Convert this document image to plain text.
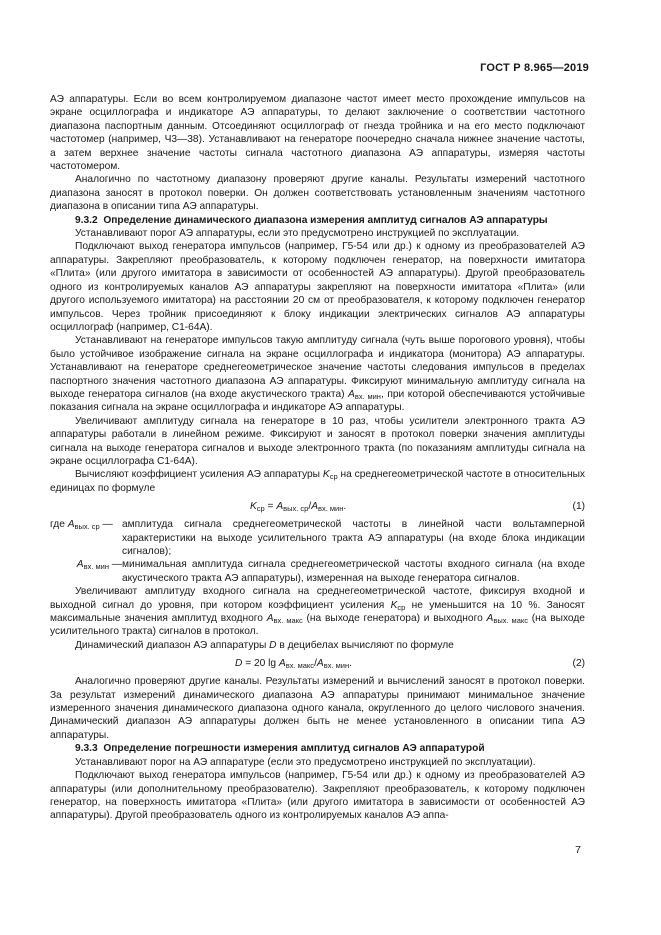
ГОСТ Р 8.965—2019

АЭ аппаратуры. Если во всем контролируемом диапазоне частот имеет место прохождение импульсов на экране осциллографа и индикаторе АЭ аппаратуры, то делают заключение о соответствии частотного диапазона паспортным данным. Отсоединяют осциллограф от гнезда тройника и на его место подключают частотомер (например, Ч3—38). Устанавливают на генераторе поочередно сначала нижнее значение частоты, а затем верхнее значение частоты сигнала частотного диапазона АЭ аппаратуры, измеряя частоты частотомером.

Аналогично по частотному диапазону проверяют другие каналы. Результаты измерений частотного диапазона заносят в протокол поверки. Он должен соответствовать установленным значениям частотного диапазона в описании типа АЭ аппаратуры.

9.3.2 Определение динамического диапазона измерения амплитуд сигналов АЭ аппаратуры

Устанавливают порог АЭ аппаратуры, если это предусмотрено инструкцией по эксплуатации.

Подключают выход генератора импульсов (например, Г5-54 или др.) к одному из преобразователей АЭ аппаратуры. Закрепляют преобразователь, к которому подключен генератор, на поверхности имитатора «Плита» (или другого имитатора в зависимости от особенностей АЭ аппаратуры). Другой преобразователь одного из контролируемых каналов АЭ аппаратуры закрепляют на поверхности имитатора «Плита» (или другого используемого имитатора) на расстоянии 20 см от преобразователя, к которому подключен генератор импульсов. Через тройник присоединяют к блоку индикации электрических сигналов АЭ аппаратуры осциллограф (например, С1-64А).

Устанавливают на генераторе импульсов такую амплитуду сигнала (чуть выше порогового уровня), чтобы было устойчивое изображение сигнала на экране осциллографа и индикатора (монитора) АЭ аппаратуры. Устанавливают на генераторе среднегеометрическое значение частоты следования импульсов в пределах паспортного значения частотного диапазона АЭ аппаратуры. Фиксируют минимальную амплитуду сигнала на выходе генератора сигналов (на входе акустического тракта) $A_{вх. мин}$, при которой обеспечиваются устойчивые показания сигнала на экране осциллографа и индикаторе АЭ аппаратуры.

Увеличивают амплитуду сигнала на генераторе в 10 раз, чтобы усилители электронного тракта АЭ аппаратуры работали в линейном режиме. Фиксируют и заносят в протокол поверки значения амплитуды сигнала на выходе генератора сигналов и выходе электронного тракта (по показаниям амплитуды сигнала на экране осциллографа С1-64А).

Вычисляют коэффициент усиления АЭ аппаратуры $K_{ср}$ на среднегеометрической частоте в относительных единицах по формуле

$K_{ср} = A_{вых. ср}/A_{вх. мин}$.	(1)
где $A_{вых. ср}$ — амплитуда сигнала среднегеометрической частоты в линейной части вольтамперной характеристики на выходе усилительного тракта АЭ аппаратуры (на входе блока индикации сигналов);
$A_{вх. мин}$ — минимальная амплитуда сигнала среднегеометрической частоты входного сигнала (на входе акустического тракта АЭ аппаратуры), измеренная на выходе генератора сигналов.

Увеличивают амплитуду входного сигнала на среднегеометрической частоте, фиксируя входной и выходной сигнал до уровня, при котором коэффициент усиления $K_{ср}$ не уменьшится на 10 %. Заносят максимальные значения амплитуд входного $A_{вх. макс}$ (на выходе генератора) и выходного $A_{вых. макс}$ (на выходе усилительного тракта) сигналов в протокол.

Динамический диапазон АЭ аппаратуры D в децибелах вычисляют по формуле

D = 20 $\lg A_{вх. макс}/A_{вх. мин}$.	(2)

Аналогично проверяют другие каналы. Результаты измерений и вычислений заносят в протокол поверки. За результат измерений динамического диапазона АЭ аппаратуры принимают минимальное значение измеренного значения динамического диапазона одного канала, округленного до целого числового значения. Динамический диапазон АЭ аппаратуры должен быть не менее установленного в описании типа АЭ аппаратуры.

9.3.3 Определение погрешности измерения амплитуд сигналов АЭ аппаратурой

Устанавливают порог на АЭ аппаратуре (если это предусмотрено инструкцией по эксплуатации).

Подключают выход генератора импульсов (например, Г5-54 или др.) к одному из преобразователей АЭ аппаратуры (или дополнительному преобразователю). Закрепляют преобразователь, к которому подключен генератор, на поверхность имитатора «Плита» (или другого имитатора в зависимости от особенностей АЭ аппаратуры). Другой преобразователь одного из контролируемых каналов АЭ аппа-

7
